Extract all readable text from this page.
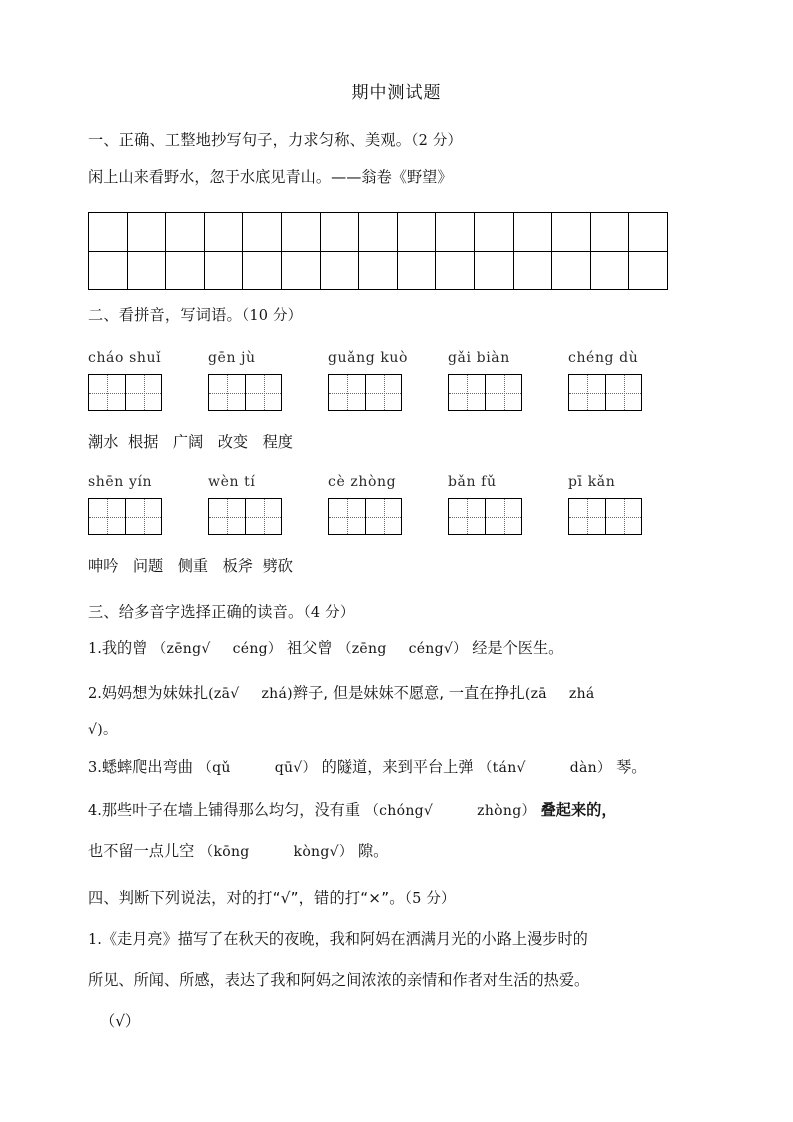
期中测试题
一、正确、工整地抄写句子，力求匀称、美观。（2 分）
闲上山来看野水，忽于水底见青山。——翁卷《野望》
二、看拼音，写词语。（10 分）
cháo shuǐ	gēn jù	guǎng kuò	gǎi biàn	chéng dù
潮水  根据   广阔   改变   程度
shēn yín	wèn tí	cè zhòng	bǎn fǔ	pī kǎn
呻吟   问题   侧重   板斧  劈砍
三、给多音字选择正确的读音。（4 分）
1.我的曾 （zēng√ céng） 祖父曾 （zēng céng√） 经是个医生。
2.妈妈想为妹妹扎(zā√ zhá)辫子, 但是妹妹不愿意, 一直在挣扎(zā zhá
√)。
3.蟋蟀爬出弯曲 （qǔ	qū√） 的隧道，来到平台上弹 （tán√	dàn） 琴。
4.那些叶子在墙上铺得那么均匀，没有重 （chóng√	zhòng） 叠起来的，
也不留一点儿空 （kōng	kòng√） 隙。
四、判断下列说法，对的打“√”，错的打“×”。（5 分）
1.《走月亮》描写了在秋天的夜晚，我和阿妈在洒满月光的小路上漫步时的
所见、所闻、所感，表达了我和阿妈之间浓浓的亲情和作者对生活的热爱。
（√）
